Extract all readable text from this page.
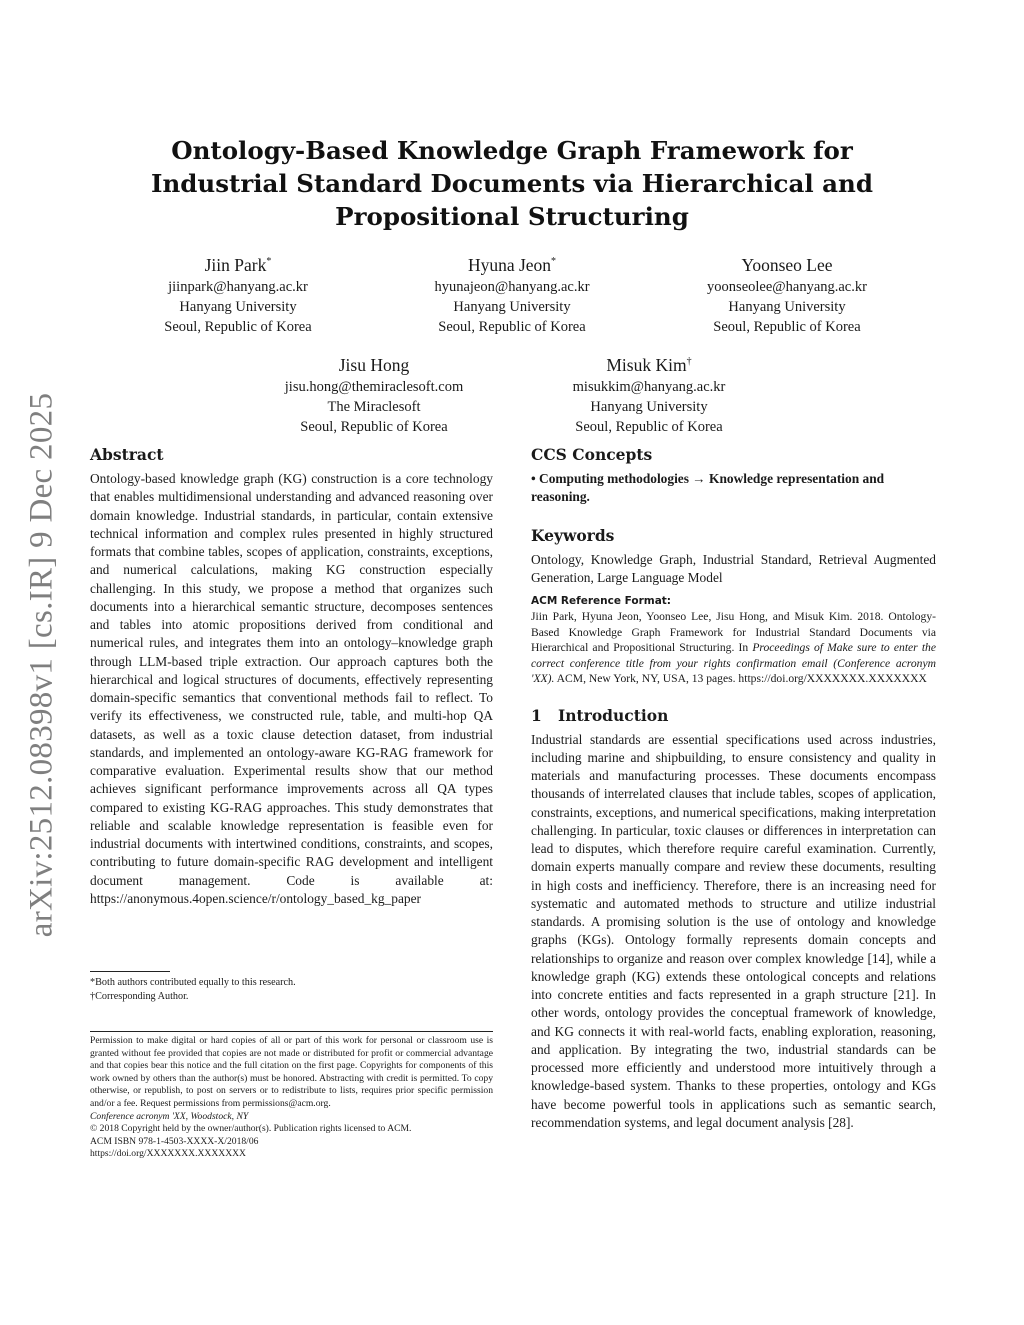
arXiv:2512.08398v1 [cs.IR] 9 Dec 2025
Ontology-Based Knowledge Graph Framework for Industrial Standard Documents via Hierarchical and Propositional Structuring
Jiin Park*
jiinpark@hanyang.ac.kr
Hanyang University
Seoul, Republic of Korea
Hyuna Jeon*
hyunajeon@hanyang.ac.kr
Hanyang University
Seoul, Republic of Korea
Yoonseo Lee
yoonseolee@hanyang.ac.kr
Hanyang University
Seoul, Republic of Korea
Jisu Hong
jisu.hong@themiraclesoft.com
The Miraclesoft
Seoul, Republic of Korea
Misuk Kim†
misukkim@hanyang.ac.kr
Hanyang University
Seoul, Republic of Korea
Abstract

Ontology-based knowledge graph (KG) construction is a core technology that enables multidimensional understanding and advanced reasoning over domain knowledge. Industrial standards, in particular, contain extensive technical information and complex rules presented in highly structured formats that combine tables, scopes of application, constraints, exceptions, and numerical calculations, making KG construction especially challenging. In this study, we propose a method that organizes such documents into a hierarchical semantic structure, decomposes sentences and tables into atomic propositions derived from conditional and numerical rules, and integrates them into an ontology–knowledge graph through LLM-based triple extraction. Our approach captures both the hierarchical and logical structures of documents, effectively representing domain-specific semantics that conventional methods fail to reflect. To verify its effectiveness, we constructed rule, table, and multi-hop QA datasets, as well as a toxic clause detection dataset, from industrial standards, and implemented an ontology-aware KG-RAG framework for comparative evaluation. Experimental results show that our method achieves significant performance improvements across all QA types compared to existing KG-RAG approaches. This study demonstrates that reliable and scalable knowledge representation is feasible even for industrial documents with intertwined conditions, constraints, and scopes, contributing to future domain-specific RAG development and intelligent document management. Code is available at: https://anonymous.4open.science/r/ontology_based_kg_paper

*Both authors contributed equally to this research.
†Corresponding Author.

Permission to make digital or hard copies of all or part of this work for personal or classroom use is granted without fee provided that copies are not made or distributed for profit or commercial advantage and that copies bear this notice and the full citation on the first page. Copyrights for components of this work owned by others than the author(s) must be honored. Abstracting with credit is permitted. To copy otherwise, or republish, to post on servers or to redistribute to lists, requires prior specific permission and/or a fee. Request permissions from permissions@acm.org.

Conference acronym 'XX, Woodstock, NY

© 2018 Copyright held by the owner/author(s). Publication rights licensed to ACM.

ACM ISBN 978-1-4503-XXXX-X/2018/06

https://doi.org/XXXXXXX.XXXXXXX

CCS Concepts

• Computing methodologies → Knowledge representation and reasoning.

Keywords

Ontology, Knowledge Graph, Industrial Standard, Retrieval Augmented Generation, Large Language Model

ACM Reference Format:

Jiin Park, Hyuna Jeon, Yoonseo Lee, Jisu Hong, and Misuk Kim. 2018. Ontology-Based Knowledge Graph Framework for Industrial Standard Documents via Hierarchical and Propositional Structuring. In Proceedings of Make sure to enter the correct conference title from your rights confirmation email (Conference acronym 'XX). ACM, New York, NY, USA, 13 pages. https://doi.org/XXXXXXX.XXXXXXX

1   Introduction

Industrial standards are essential specifications used across industries, including marine and shipbuilding, to ensure consistency and quality in materials and manufacturing processes. These documents encompass thousands of interrelated clauses that include tables, scopes of application, constraints, exceptions, and numerical specifications, making interpretation challenging. In particular, toxic clauses or differences in interpretation can lead to disputes, which therefore require careful examination. Currently, domain experts manually compare and review these documents, resulting in high costs and inefficiency. Therefore, there is an increasing need for systematic and automated methods to structure and utilize industrial standards. A promising solution is the use of ontology and knowledge graphs (KGs). Ontology formally represents domain concepts and relationships to organize and reason over complex knowledge [14], while a knowledge graph (KG) extends these ontological concepts and relations into concrete entities and facts represented in a graph structure [21]. In other words, ontology provides the conceptual framework of knowledge, and KG connects it with real-world facts, enabling exploration, reasoning, and application. By integrating the two, industrial standards can be processed more efficiently and understood more intuitively through a knowledge-based system. Thanks to these properties, ontology and KGs have become powerful tools in applications such as semantic search, recommendation systems, and legal document analysis [28].
